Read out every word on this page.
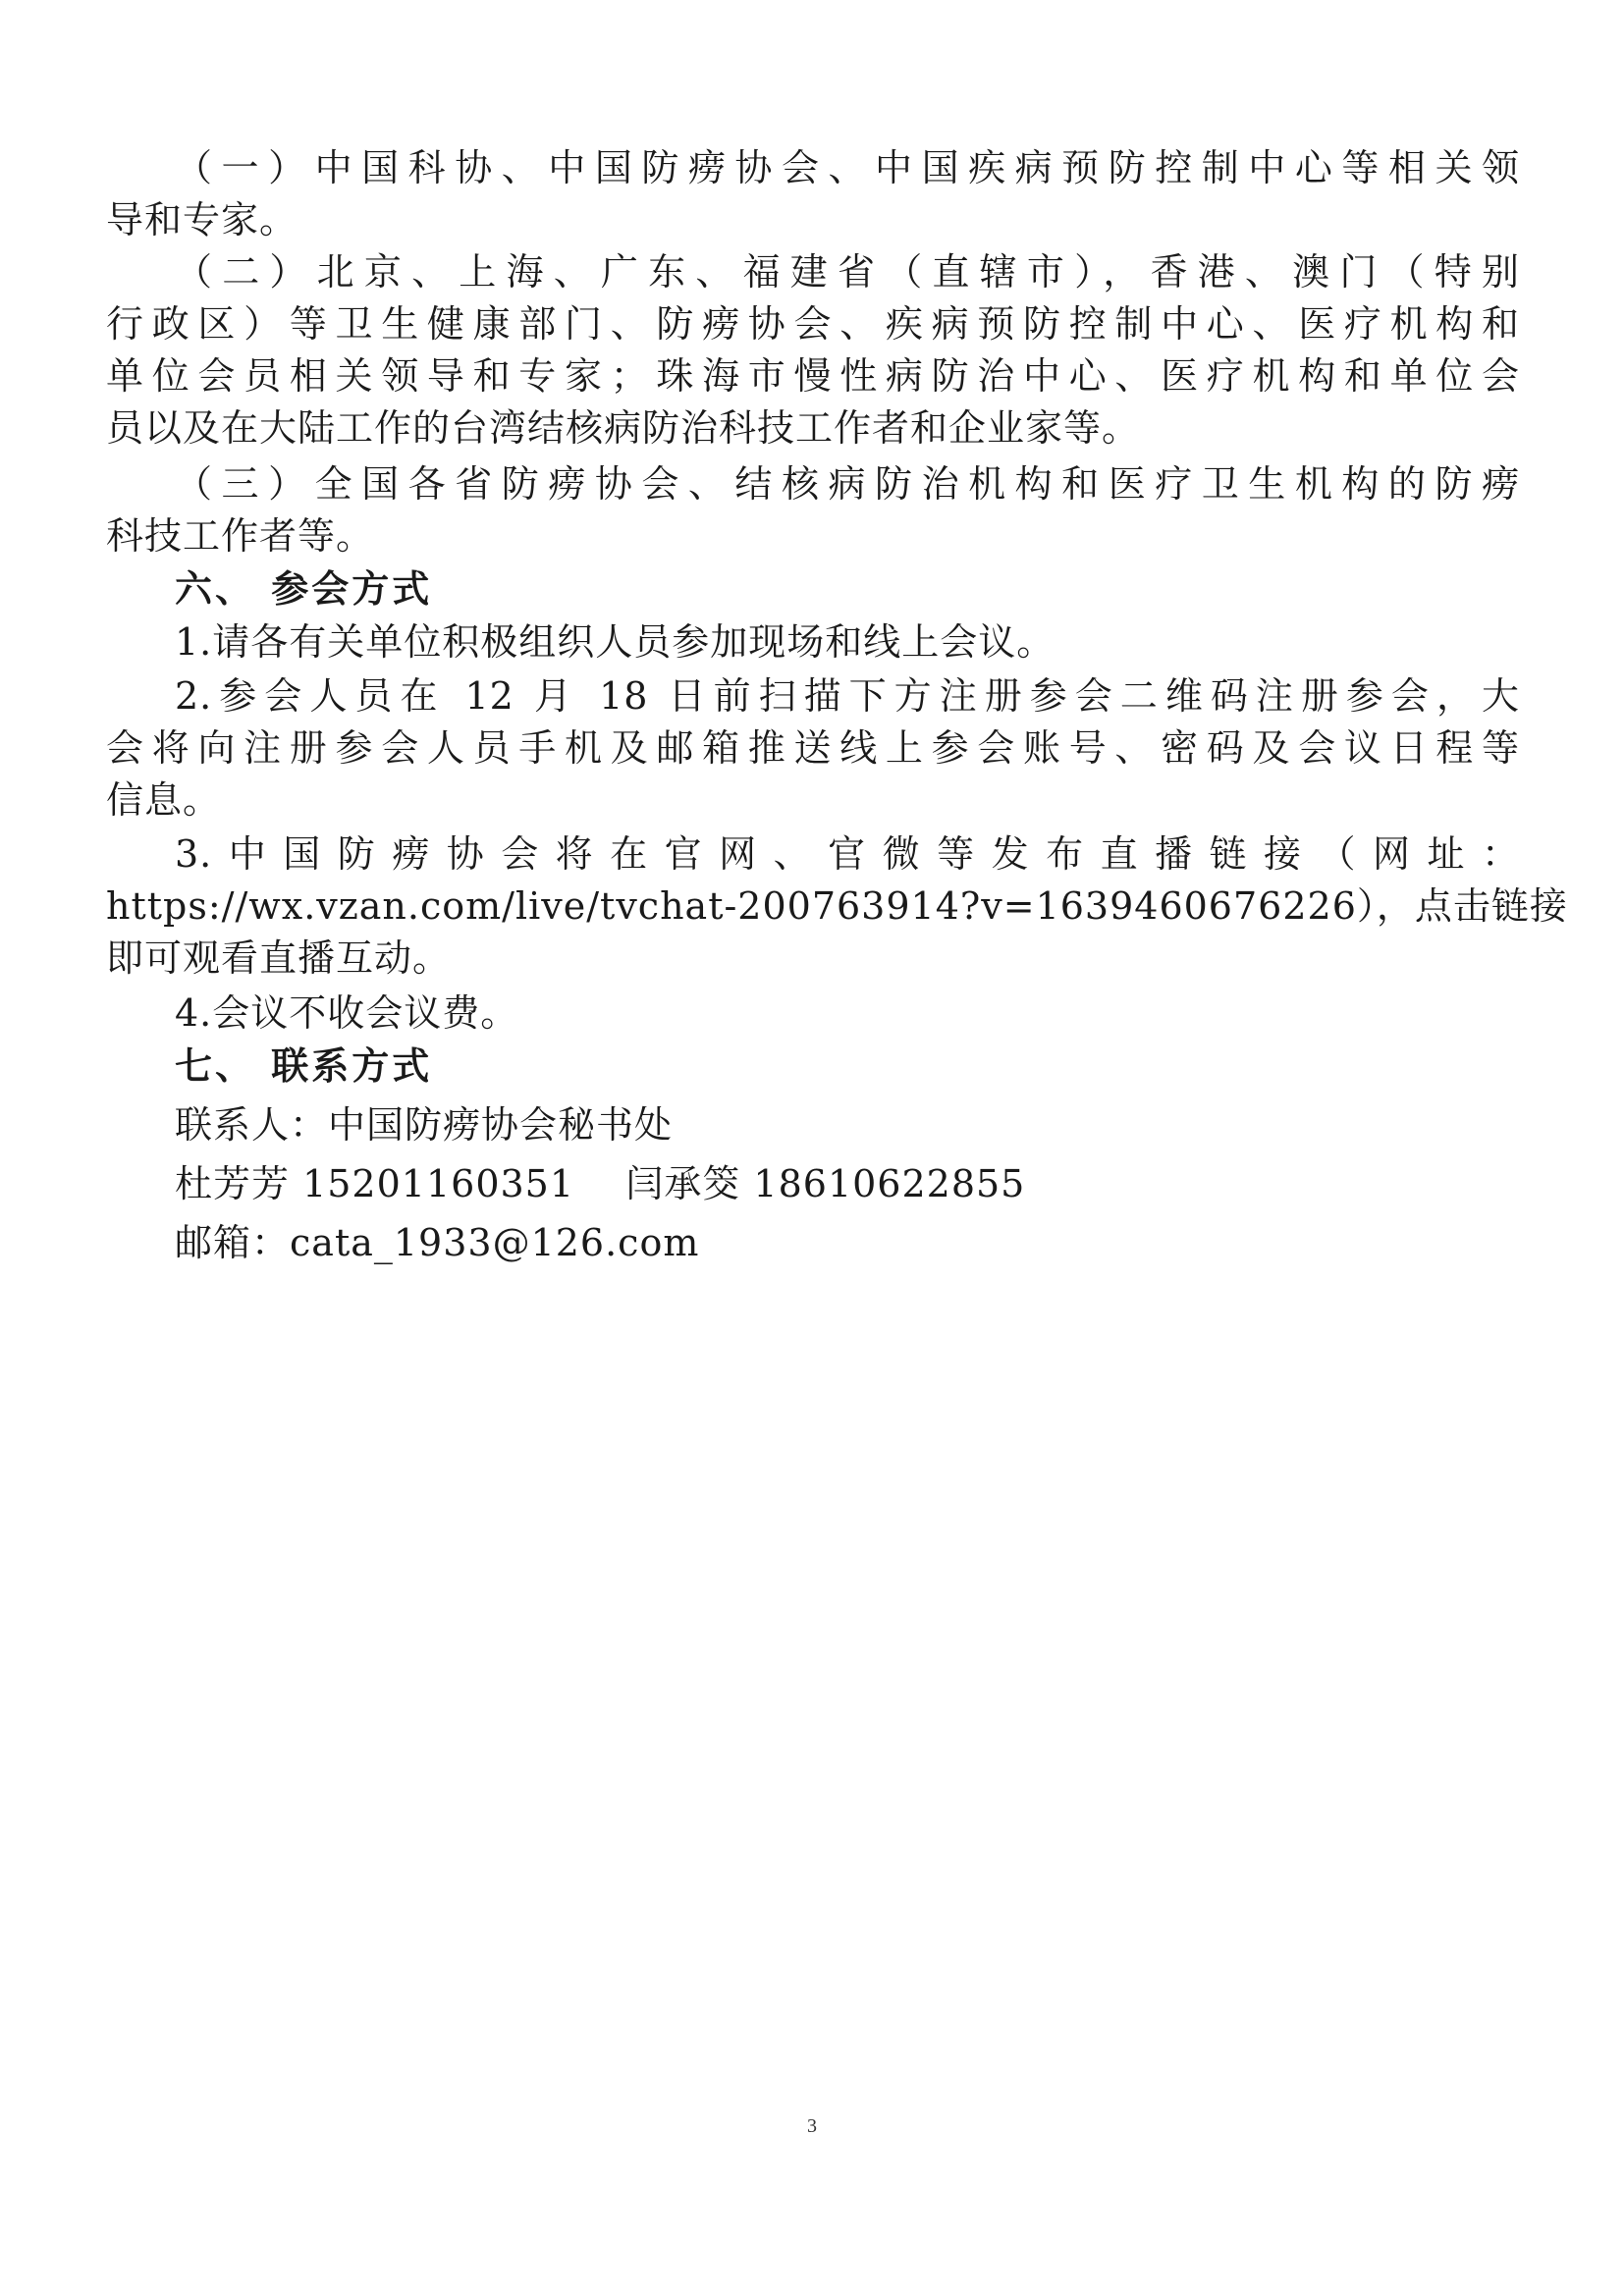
（一）中国科协、中国防痨协会、中国疾病预防控制中心等相关领
导和专家。
（二）北京、上海、广东、福建省（直辖市），香港、澳门（特别
行政区）等卫生健康部门、防痨协会、疾病预防控制中心、医疗机构和
单位会员相关领导和专家；珠海市慢性病防治中心、医疗机构和单位会
员以及在大陆工作的台湾结核病防治科技工作者和企业家等。
（三）全国各省防痨协会、结核病防治机构和医疗卫生机构的防痨
科技工作者等。
六、 参会方式
1.请各有关单位积极组织人员参加现场和线上会议。
2.参会人员在 12 月 18 日前扫描下方注册参会二维码注册参会，大
会将向注册参会人员手机及邮箱推送线上参会账号、密码及会议日程等
信息。
3.中国防痨协会将在官网、官微等发布直播链接（网址：
https://wx.vzan.com/live/tvchat-200763914?v=1639460676226），点击链接
即可观看直播互动。
4.会议不收会议费。
七、 联系方式
联系人：中国防痨协会秘书处
杜芳芳 15201160351    闫承筊 18610622855
邮箱：cata_1933@126.com
3
